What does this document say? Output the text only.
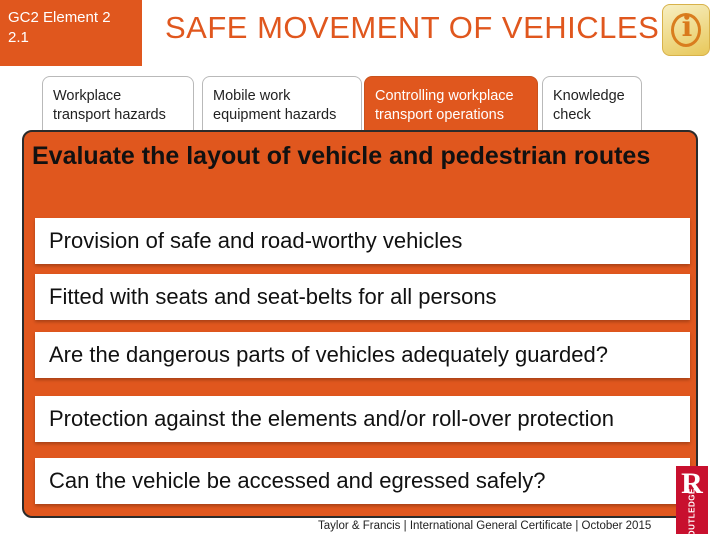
GC2 Element 2
2.1	SAFE MOVEMENT OF VEHICLES i
Workplace
transport hazards
Mobile work
equipment hazards
Controlling workplace
transport operations
Knowledge
check
Evaluate the layout of vehicle and pedestrian routes
Provision of safe and road-worthy vehicles
Fitted with seats and seat-belts for all persons
Are the dangerous parts of vehicles adequately guarded?
Protection against the elements and/or roll-over protection
Can the vehicle be accessed and egressed safely?	R
ROUTLEDGE
Taylor & Francis | International General Certificate | October 2015
